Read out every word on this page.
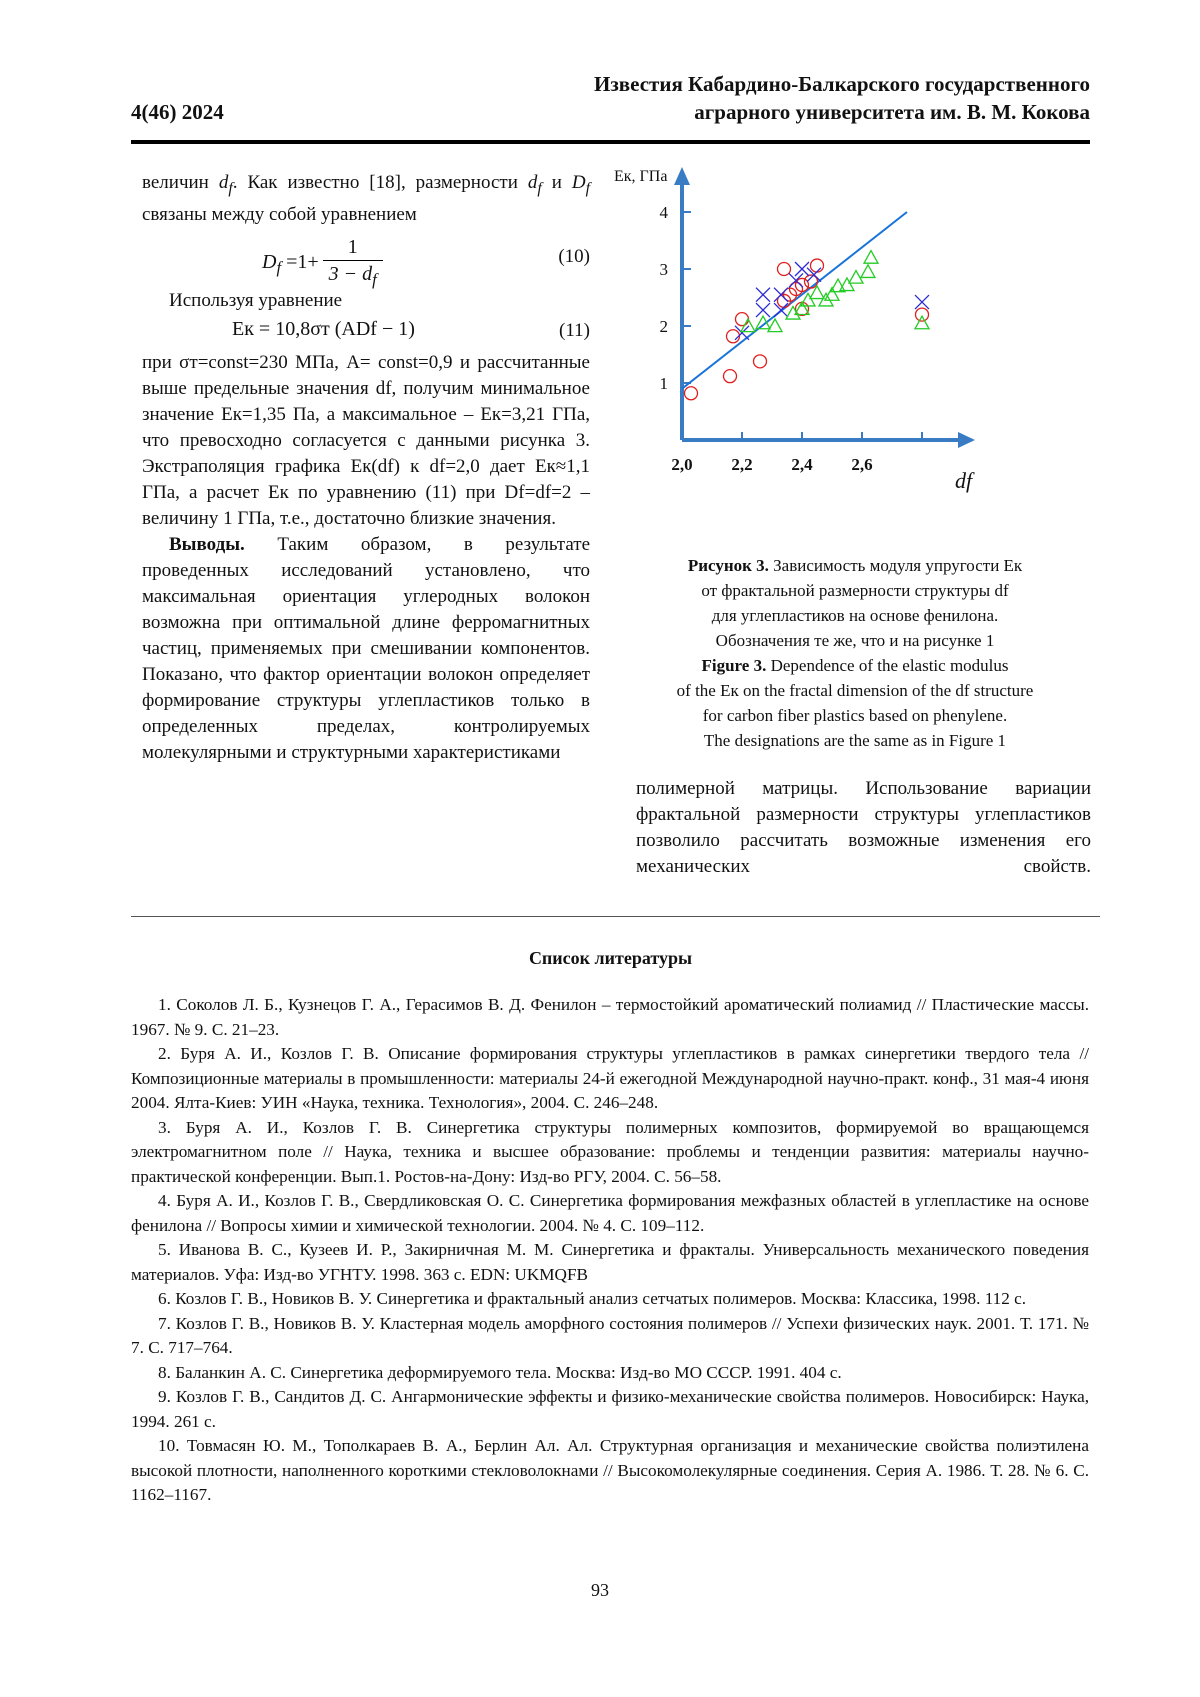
Известия Кабардино-Балкарского государственного
аграрного университета им. В. М. Кокова
4(46) 2024

величин $d_f$. Как известно [18], размерности $d_f$ и $D_f$ связаны между собой уравнением

$D_f =1+ \frac{1}{3 - d_f}$	(10)

Используя уравнение

Eк = 10,8σт (ADf − 1)	(11)

при σт=const=230 МПа, A= const=0,9 и рассчитанные выше предельные значения df, получим минимальное значение Eк=1,35 Па, а максимальное – Eк=3,21 ГПа, что превосходно согласуется с данными рисунка 3. Экстраполяция графика Eк(df) к df=2,0 дает Eк≈1,1 ГПа, а расчет Eк по уравнению (11) при Df=df=2 – величину 1 ГПа, т.е., достаточно близкие значения.

Выводы. Таким образом, в результате проведенных исследований установлено, что максимальная ориентация углеродных волокон возможна при оптимальной длине ферромагнитных частиц, применяемых при смешивании компонентов. Показано, что фактор ориентации волокон определяет формирование структуры углепластиков только в определенных пределах, контролируемых молекулярными и структурными характеристиками

1
2
3
4
2,0 2,2 2,4 2,6
Eк, ГПа
df
Рисунок 3. Зависимость модуля упругости Eк
от фрактальной размерности структуры df
для углепластиков на основе фенилона.
Обозначения те же, что и на рисунке 1
Figure 3. Dependence of the elastic modulus
of the Eк on the fractal dimension of the df structure
for carbon fiber plastics based on phenylene.
The designations are the same as in Figure 1
полимерной матрицы. Использование вариации фрактальной размерности структуры углепластиков позволило рассчитать возможные изменения его механических свойств.
Список литературы

1. Соколов Л. Б., Кузнецов Г. А., Герасимов В. Д. Фенилон – термостойкий ароматический полиамид // Пластические массы. 1967. № 9. С. 21–23.

2. Буря А. И., Козлов Г. В. Описание формирования структуры углепластиков в рамках синергетики твердого тела // Композиционные материалы в промышленности: материалы 24-й ежегодной Международной научно-практ. конф., 31 мая-4 июня 2004. Ялта-Киев: УИН «Наука, техника. Технология», 2004. С. 246–248.

3. Буря А. И., Козлов Г. В. Синергетика структуры полимерных композитов, формируемой во вращающемся электромагнитном поле // Наука, техника и высшее образование: проблемы и тенденции развития: материалы научно-практической конференции. Вып.1. Ростов-на-Дону: Изд-во РГУ, 2004. С. 56–58.

4. Буря А. И., Козлов Г. В., Свердликовская О. С. Синергетика формирования межфазных областей в углепластике на основе фенилона // Вопросы химии и химической технологии. 2004. № 4. С. 109–112.

5. Иванова В. С., Кузеев И. Р., Закирничная М. М. Синергетика и фракталы. Универсальность механического поведения материалов. Уфа: Изд-во УГНТУ. 1998. 363 с. EDN: UKMQFB

6. Козлов Г. В., Новиков В. У. Синергетика и фрактальный анализ сетчатых полимеров. Москва: Классика, 1998. 112 с.

7. Козлов Г. В., Новиков В. У. Кластерная модель аморфного состояния полимеров // Успехи физических наук. 2001. Т. 171. № 7. С. 717–764.

8. Баланкин А. С. Синергетика деформируемого тела. Москва: Изд-во МО СССР. 1991. 404 с.

9. Козлов Г. В., Сандитов Д. С. Ангармонические эффекты и физико-механические свойства полимеров. Новосибирск: Наука, 1994. 261 с.

10. Товмасян Ю. М., Тополкараев В. А., Берлин Ал. Ал. Структурная организация и механические свойства полиэтилена высокой плотности, наполненного короткими стекловолокнами // Высокомолекулярные соединения. Серия А. 1986. Т. 28. № 6. С. 1162–1167.

93
